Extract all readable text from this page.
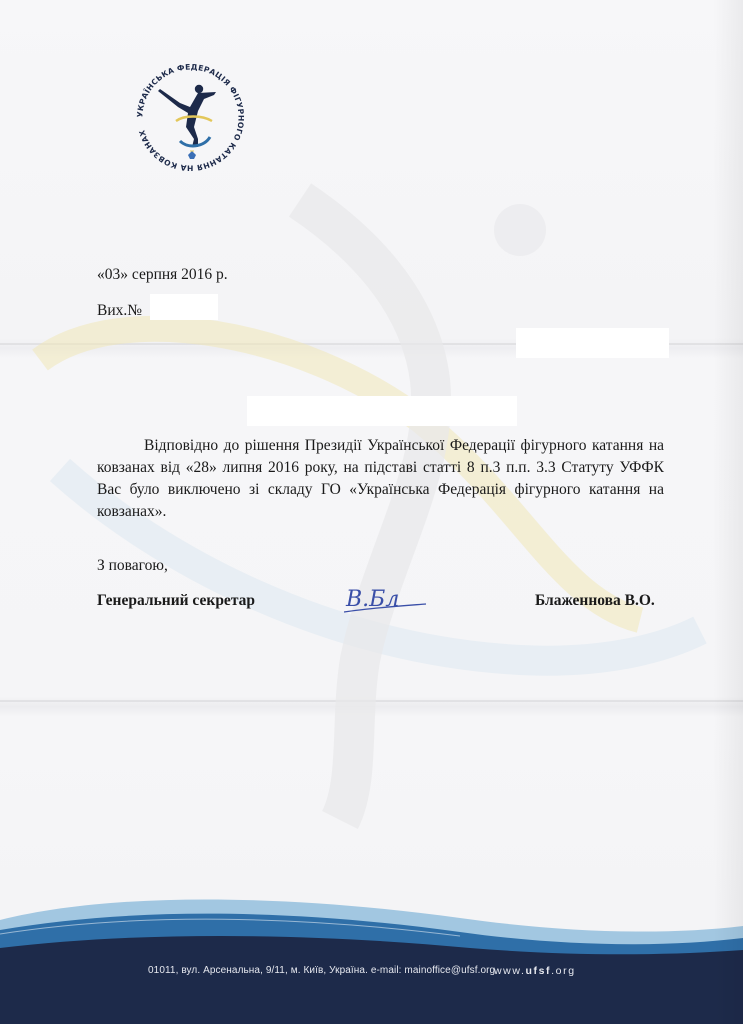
УКРАЇНСЬКА ФЕДЕРАЦІЯ ФІГУРНОГО КАТАННЯ НА КОВЗАНАХ
«03» серпня 2016 р.
Вих.№
Відповідно до рішення Президії Української Федерації фігурного катання на ковзанах від «28» липня 2016 року, на підставі статті 8 п.3 п.п. 3.3 Статуту УФФК Вас було виключено зі складу ГО «Українська Федерація фігурного катання на ковзанах».
З повагою,
Генеральний секретар	В.Бл	Блаженнова В.О.
01011, вул. Арсенальна, 9/11, м. Київ, Україна. e-mail: mainoffice@ufsf.org
www.ufsf.org
